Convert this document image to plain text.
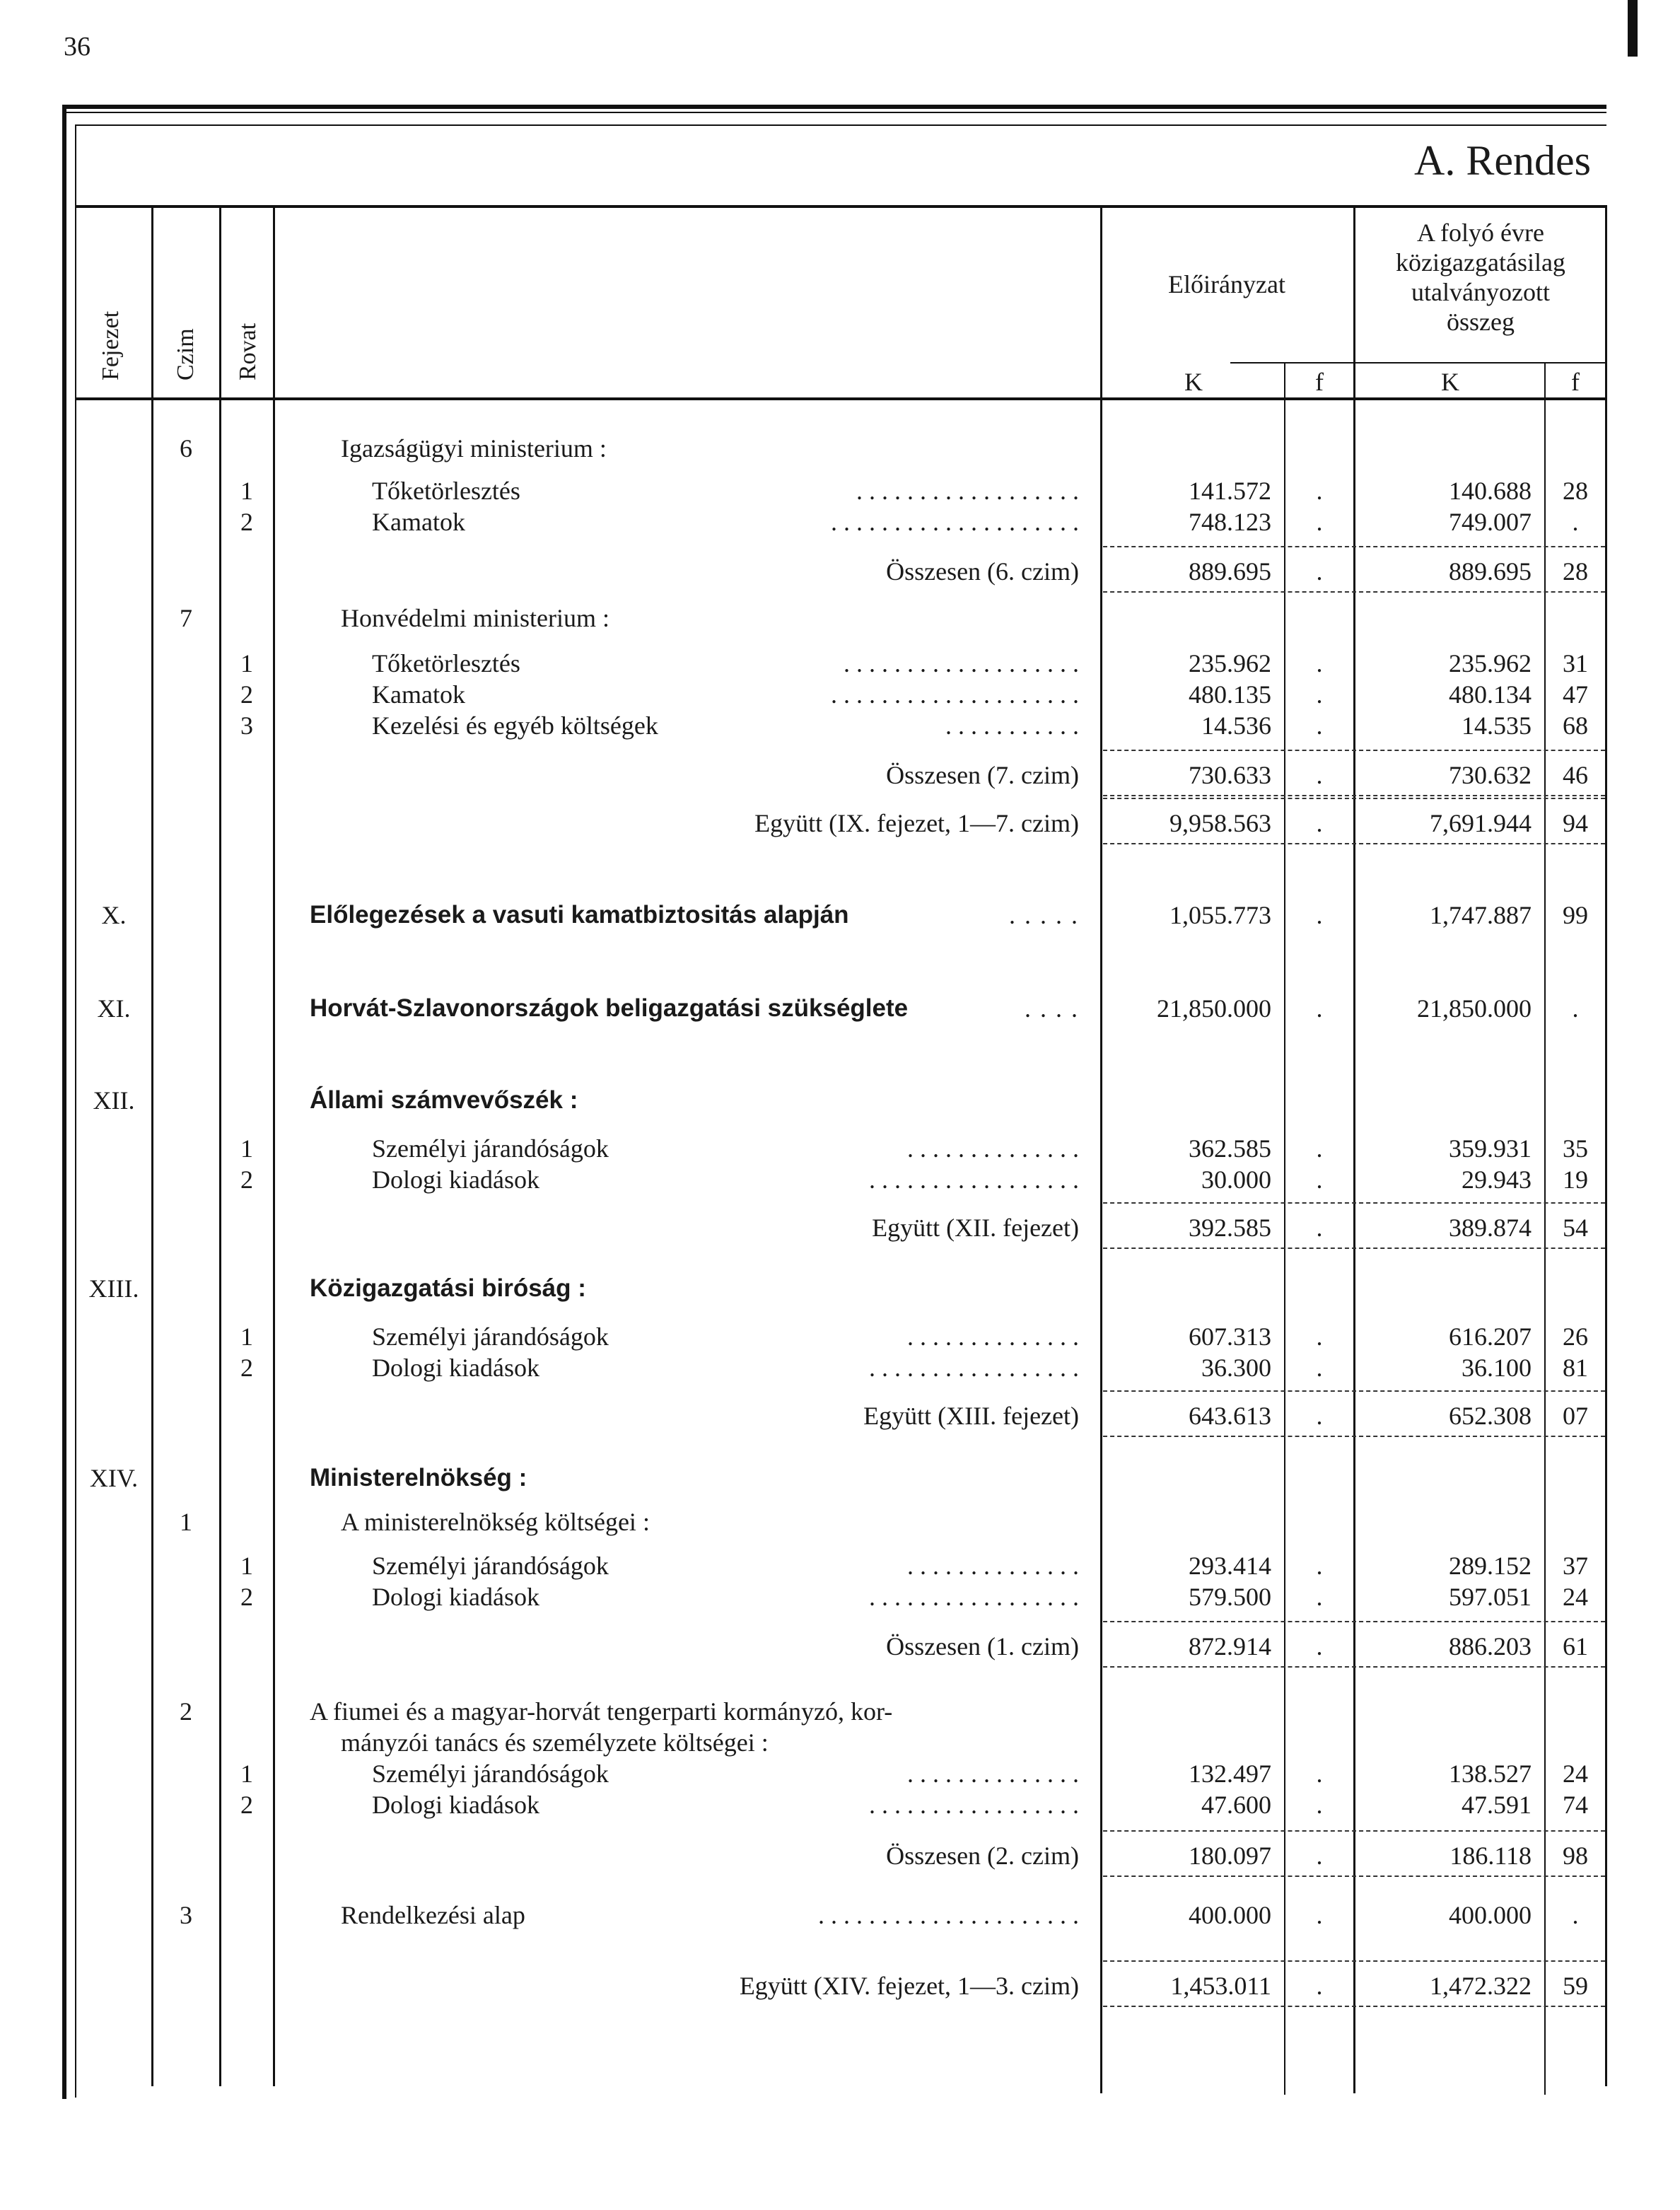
36
A. Rendes
Fejezet Czim Rovat
Előirányzat
A folyó évre
közigazgatásilag
utalványozott
összeg
K	f	K	f
6	Igazságügyi ministerium :
1	Tőketörlesztés	. . . . . . . . . . . . . . . . . .	141.572	.	140.688	28
2	Kamatok	. . . . . . . . . . . . . . . . . . . .	748.123	.	749.007	.
Összesen (6. czim)	889.695	.	889.695	28
7	Honvédelmi ministerium :
1	Tőketörlesztés	. . . . . . . . . . . . . . . . . . .	235.962	.	235.962	31
2	Kamatok	. . . . . . . . . . . . . . . . . . . .	480.135	.	480.134	47
3	Kezelési és egyéb költségek	. . . . . . . . . . .	14.536	.	14.535	68
Összesen (7. czim)	730.633	.	730.632	46
Együtt (IX. fejezet, 1—7. czim)	9,958.563	.	7,691.944	94
X.	Előlegezések a vasuti kamatbiztositás alapján	. . . . .	1,055.773	.	1,747.887	99
XI.	Horvát-Szlavonországok beligazgatási szükséglete	. . . .	21,850.000	.	21,850.000	.
XII.	Állami számvevőszék :
1	Személyi járandóságok	. . . . . . . . . . . . . .	362.585	.	359.931	35
2	Dologi kiadások	. . . . . . . . . . . . . . . . .	30.000	.	29.943	19
Együtt (XII. fejezet)	392.585	.	389.874	54
XIII.	Közigazgatási biróság :
1	Személyi járandóságok	. . . . . . . . . . . . . .	607.313	.	616.207	26
2	Dologi kiadások	. . . . . . . . . . . . . . . . .	36.300	.	36.100	81
Együtt (XIII. fejezet)	643.613	.	652.308	07
XIV.	Ministerelnökség :
1	A ministerelnökség költségei :
1	Személyi járandóságok	. . . . . . . . . . . . . .	293.414	.	289.152	37
2	Dologi kiadások	. . . . . . . . . . . . . . . . .	579.500	.	597.051	24
Összesen (1. czim)	872.914	.	886.203	61
2	A fiumei és a magyar-horvát tengerparti kormányzó, kor-
mányzói tanács és személyzete költségei :
1	Személyi járandóságok	. . . . . . . . . . . . . .	132.497	.	138.527	24
2	Dologi kiadások	. . . . . . . . . . . . . . . . .	47.600	.	47.591	74
Összesen (2. czim)	180.097	.	186.118	98
3	Rendelkezési alap	. . . . . . . . . . . . . . . . . . . . .	400.000	.	400.000	.
Együtt (XIV. fejezet, 1—3. czim)	1,453.011	.	1,472.322	59
